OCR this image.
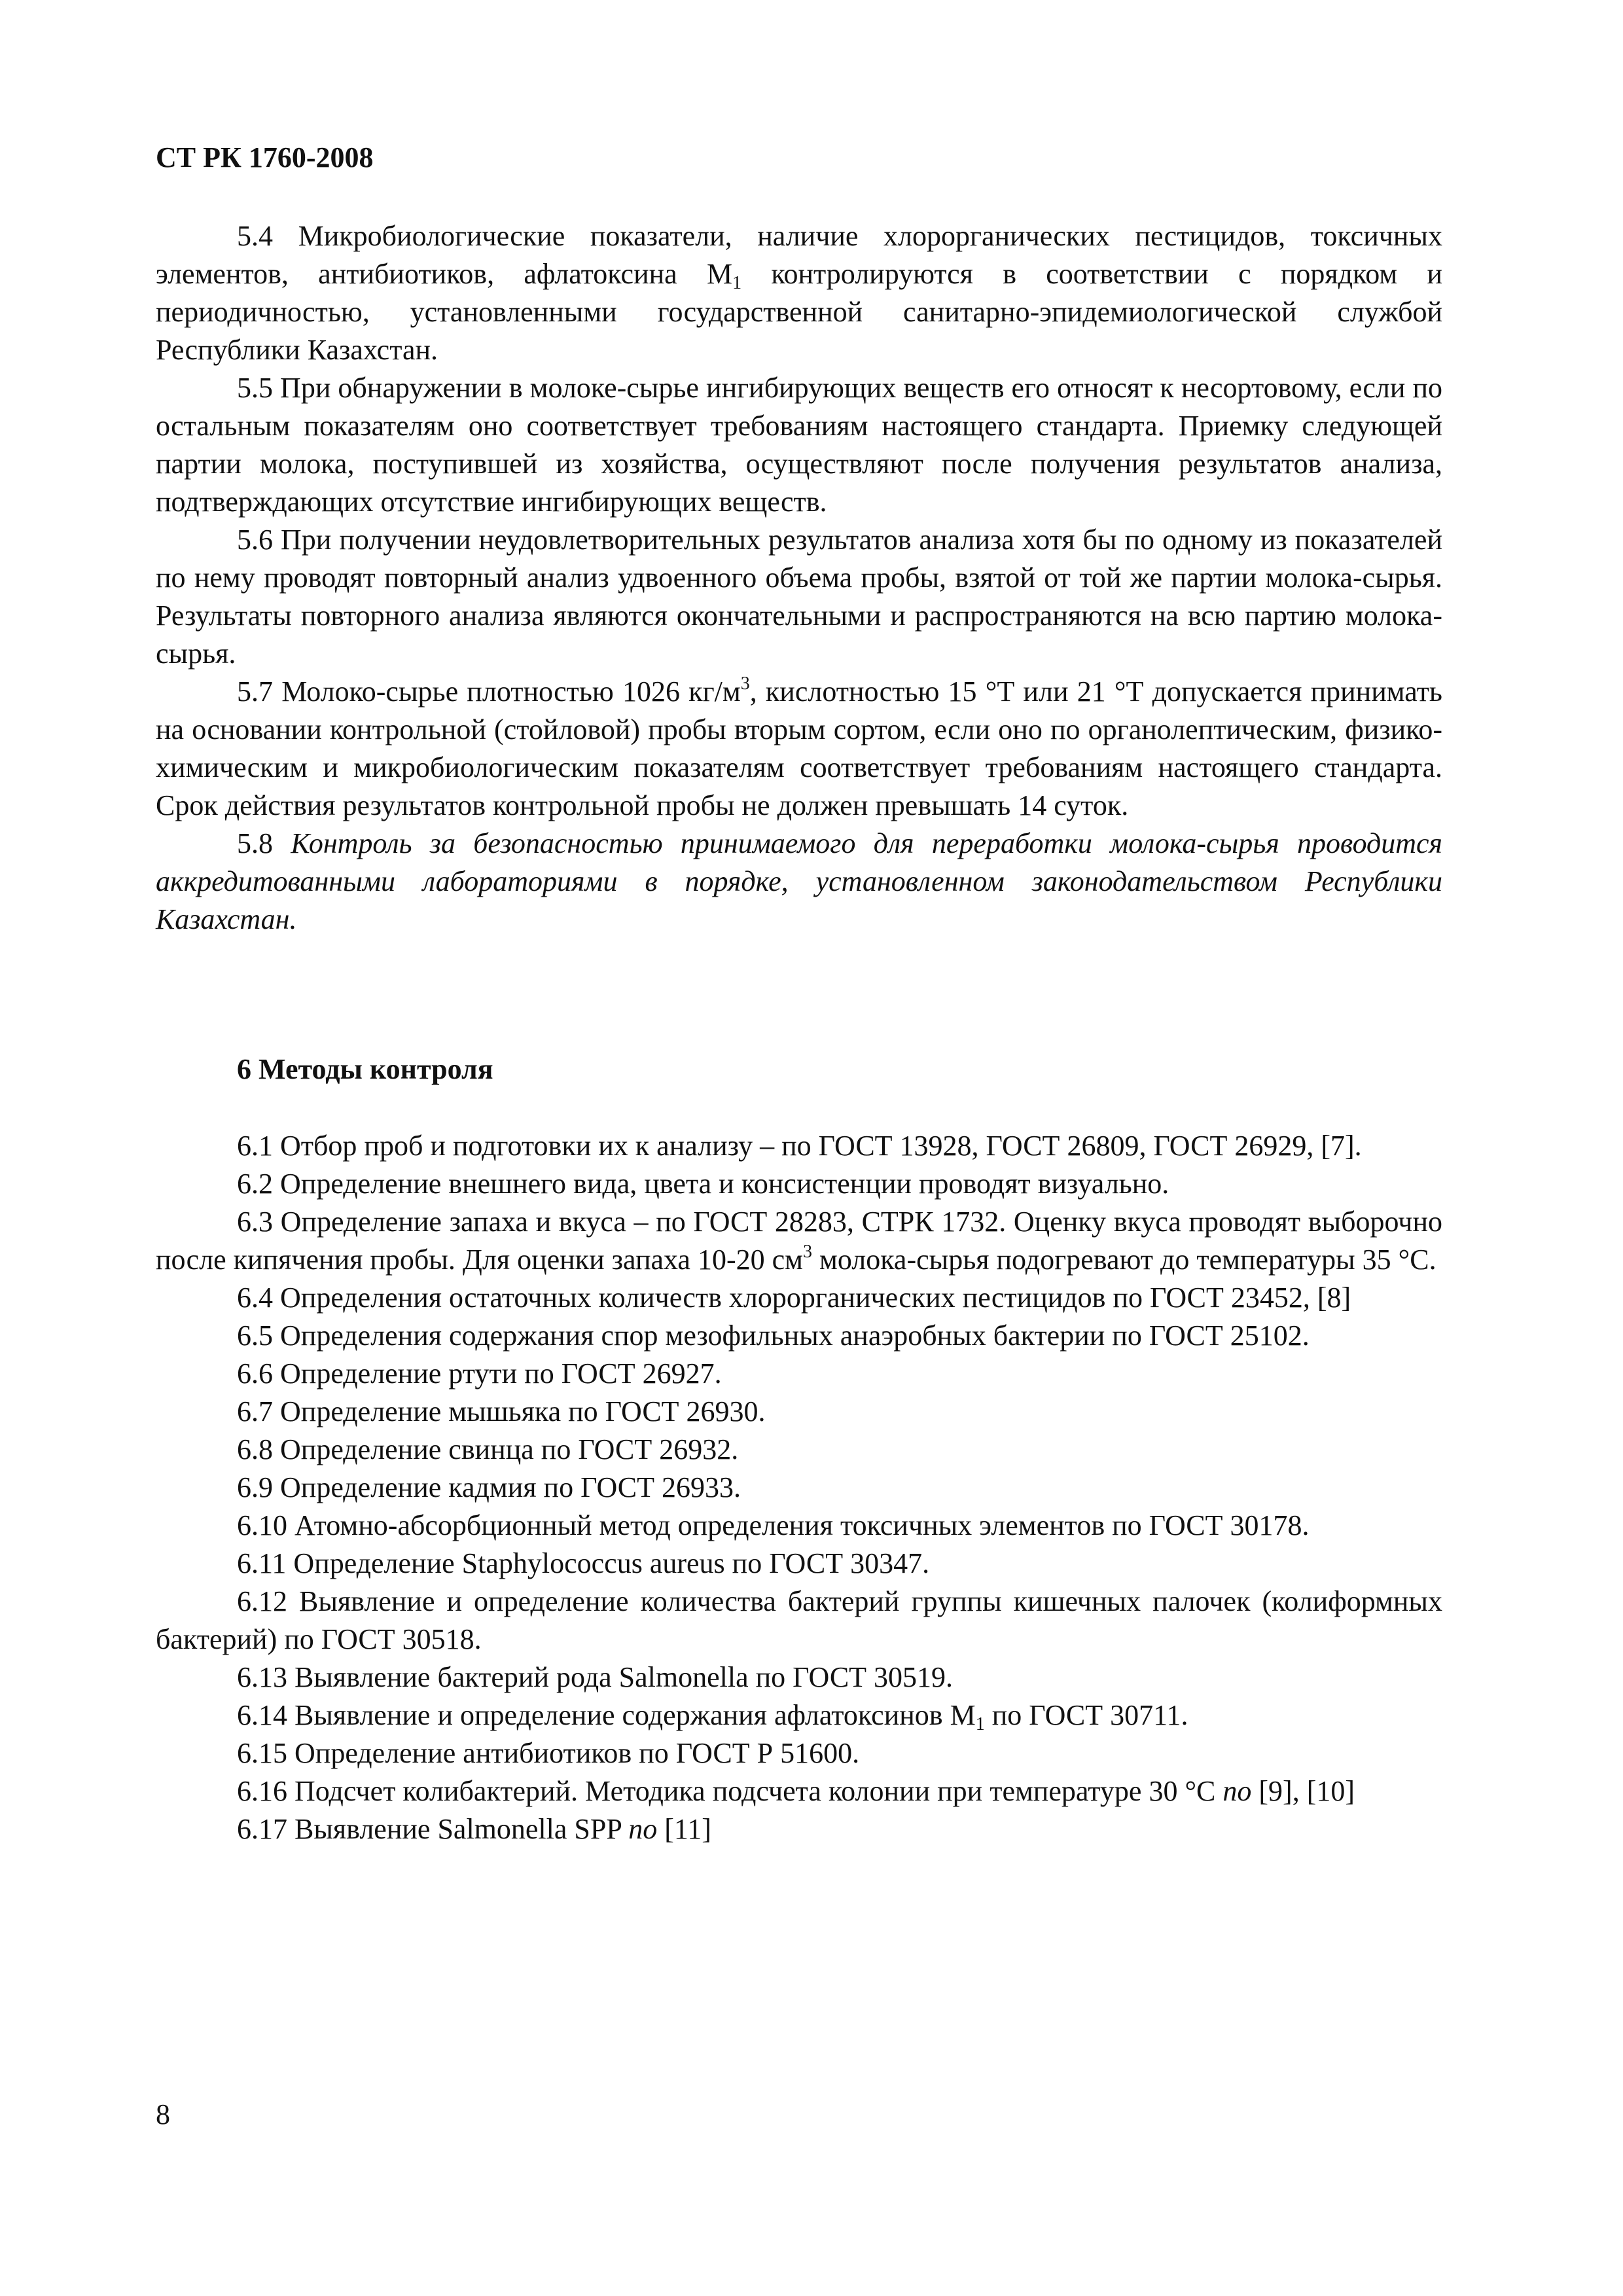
СТ РК 1760-2008

5.4 Микробиологические показатели, наличие хлорорганических пестицидов, токсичных элементов, антибиотиков, афлатоксина $М_1$ контролируются в соответствии с порядком и периодичностью, установленными государственной санитарно-эпидемиологической службой Республики Казахстан.

5.5 При обнаружении в молоке-сырье ингибирующих веществ его относят к несортовому, если по остальным показателям оно соответствует требованиям настоящего стандарта. Приемку следующей партии молока, поступившей из хозяйства, осуществляют после получения результатов анализа, подтверждающих отсутствие ингибирующих веществ.

5.6 При получении неудовлетворительных результатов анализа хотя бы по одному из показателей по нему проводят повторный анализ удвоенного объема пробы, взятой от той же партии молока-сырья. Результаты повторного анализа являются окончательными и распространяются на всю партию молока-сырья.

5.7 Молоко-сырье плотностью 1026 $кг/м^3$, кислотностью 15 °Т или 21 °Т допускается принимать на основании контрольной (стойловой) пробы вторым сортом, если оно по органолептическим, физико-химическим и микробиологическим показателям соответствует требованиям настоящего стандарта. Срок действия результатов контрольной пробы не должен превышать 14 суток.

5.8 Контроль за безопасностью принимаемого для переработки молока-сырья проводится аккредитованными лабораториями в порядке, установленном законодательством Республики Казахстан.

6 Методы контроля

6.1 Отбор проб и подготовки их к анализу – по ГОСТ 13928, ГОСТ 26809, ГОСТ 26929, [7].

6.2 Определение внешнего вида, цвета и консистенции проводят визуально.

6.3 Определение запаха и вкуса – по ГОСТ 28283, СТРК 1732. Оценку вкуса проводят выборочно после кипячения пробы. Для оценки запаха 10-20 $см^3$ молока-сырья подогревают до температуры 35 °С.

6.4 Определения остаточных количеств хлорорганических пестицидов по ГОСТ 23452, [8]

6.5 Определения содержания спор мезофильных анаэробных бактерии по ГОСТ 25102.

6.6 Определение ртути по ГОСТ 26927.

6.7 Определение мышьяка по ГОСТ 26930.

6.8 Определение свинца по ГОСТ 26932.

6.9 Определение кадмия по ГОСТ 26933.

6.10 Атомно-абсорбционный метод определения токсичных элементов по ГОСТ 30178.

6.11 Определение Staphylococcus aureus по ГОСТ 30347.

6.12 Выявление и определение количества бактерий группы кишечных палочек (колиформных бактерий) по ГОСТ 30518.

6.13 Выявление бактерий рода Salmonella по ГОСТ 30519.

6.14 Выявление и определение содержания афлатоксинов $М_1$ по ГОСТ 30711.

6.15 Определение антибиотиков по ГОСТ Р 51600.

6.16 Подсчет колибактерий. Методика подсчета колонии при температуре 30 °С по [9], [10]

6.17 Выявление Salmonella SPP по [11]

8
